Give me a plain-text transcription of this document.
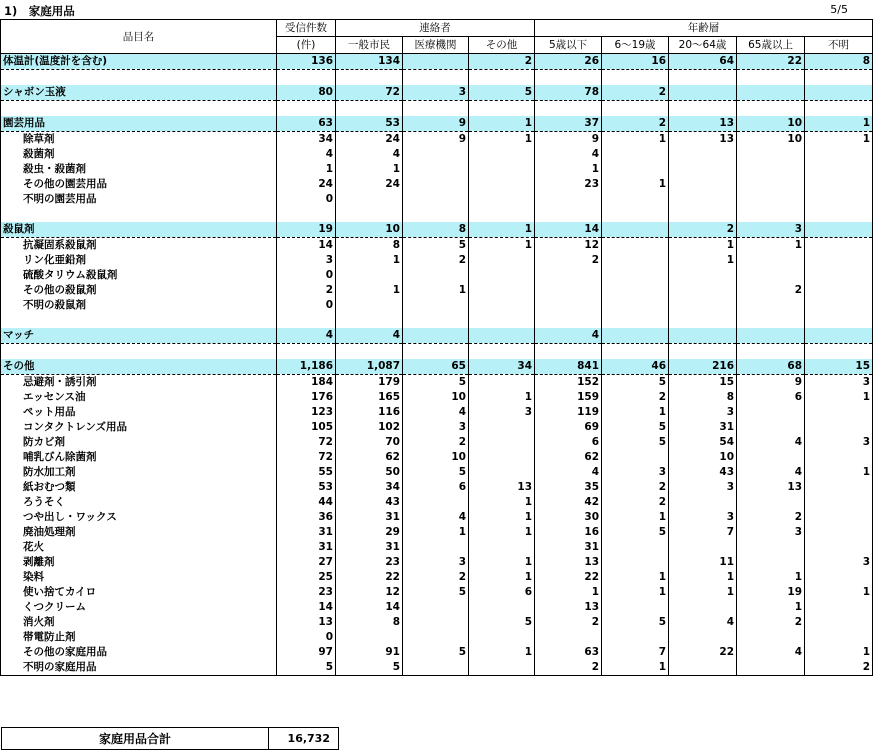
1)　家庭用品	5/5
品目名	受信件数	連絡者			年齢層				
	(件)	一般市民	医療機関	その他	5歳以下	6～19歳	20～64歳	65歳以上	不明
体温計(温度計を含む)	136	134		2	26	16	64	22	8

シャボン玉液	80	72	3	5	78	2			

園芸用品	63	53	9	1	37	2	13	10	1
除草剤	34	24	9	1	9	1	13	10	1
殺菌剤	4	4			4				
殺虫・殺菌剤	1	1			1				
その他の園芸用品	24	24			23	1			
不明の園芸用品	0								

殺鼠剤	19	10	8	1	14		2	3	
抗凝固系殺鼠剤	14	8	5	1	12		1	1	
リン化亜鉛剤	3	1	2		2		1		
硫酸タリウム殺鼠剤	0								
その他の殺鼠剤	2	1	1					2	
不明の殺鼠剤	0								

マッチ	4	4			4				

その他	1,186	1,087	65	34	841	46	216	68	15
忌避剤・誘引剤	184	179	5		152	5	15	9	3
エッセンス油	176	165	10	1	159	2	8	6	1
ペット用品	123	116	4	3	119	1	3		
コンタクトレンズ用品	105	102	3		69	5	31		
防カビ剤	72	70	2		6	5	54	4	3
哺乳びん除菌剤	72	62	10		62		10		
防水加工剤	55	50	5		4	3	43	4	1
紙おむつ類	53	34	6	13	35	2	3	13	
ろうそく	44	43		1	42	2			
つや出し・ワックス	36	31	4	1	30	1	3	2	
廃油処理剤	31	29	1	1	16	5	7	3	
花火	31	31			31				
剥離剤	27	23	3	1	13		11		3
染料	25	22	2	1	22	1	1	1	
使い捨てカイロ	23	12	5	6	1	1	1	19	1
くつクリーム	14	14			13			1	
消火剤	13	8		5	2	5	4	2	
帯電防止剤	0								
その他の家庭用品	97	91	5	1	63	7	22	4	1
不明の家庭用品	5	5			2	1			2
家庭用品合計	16,732
